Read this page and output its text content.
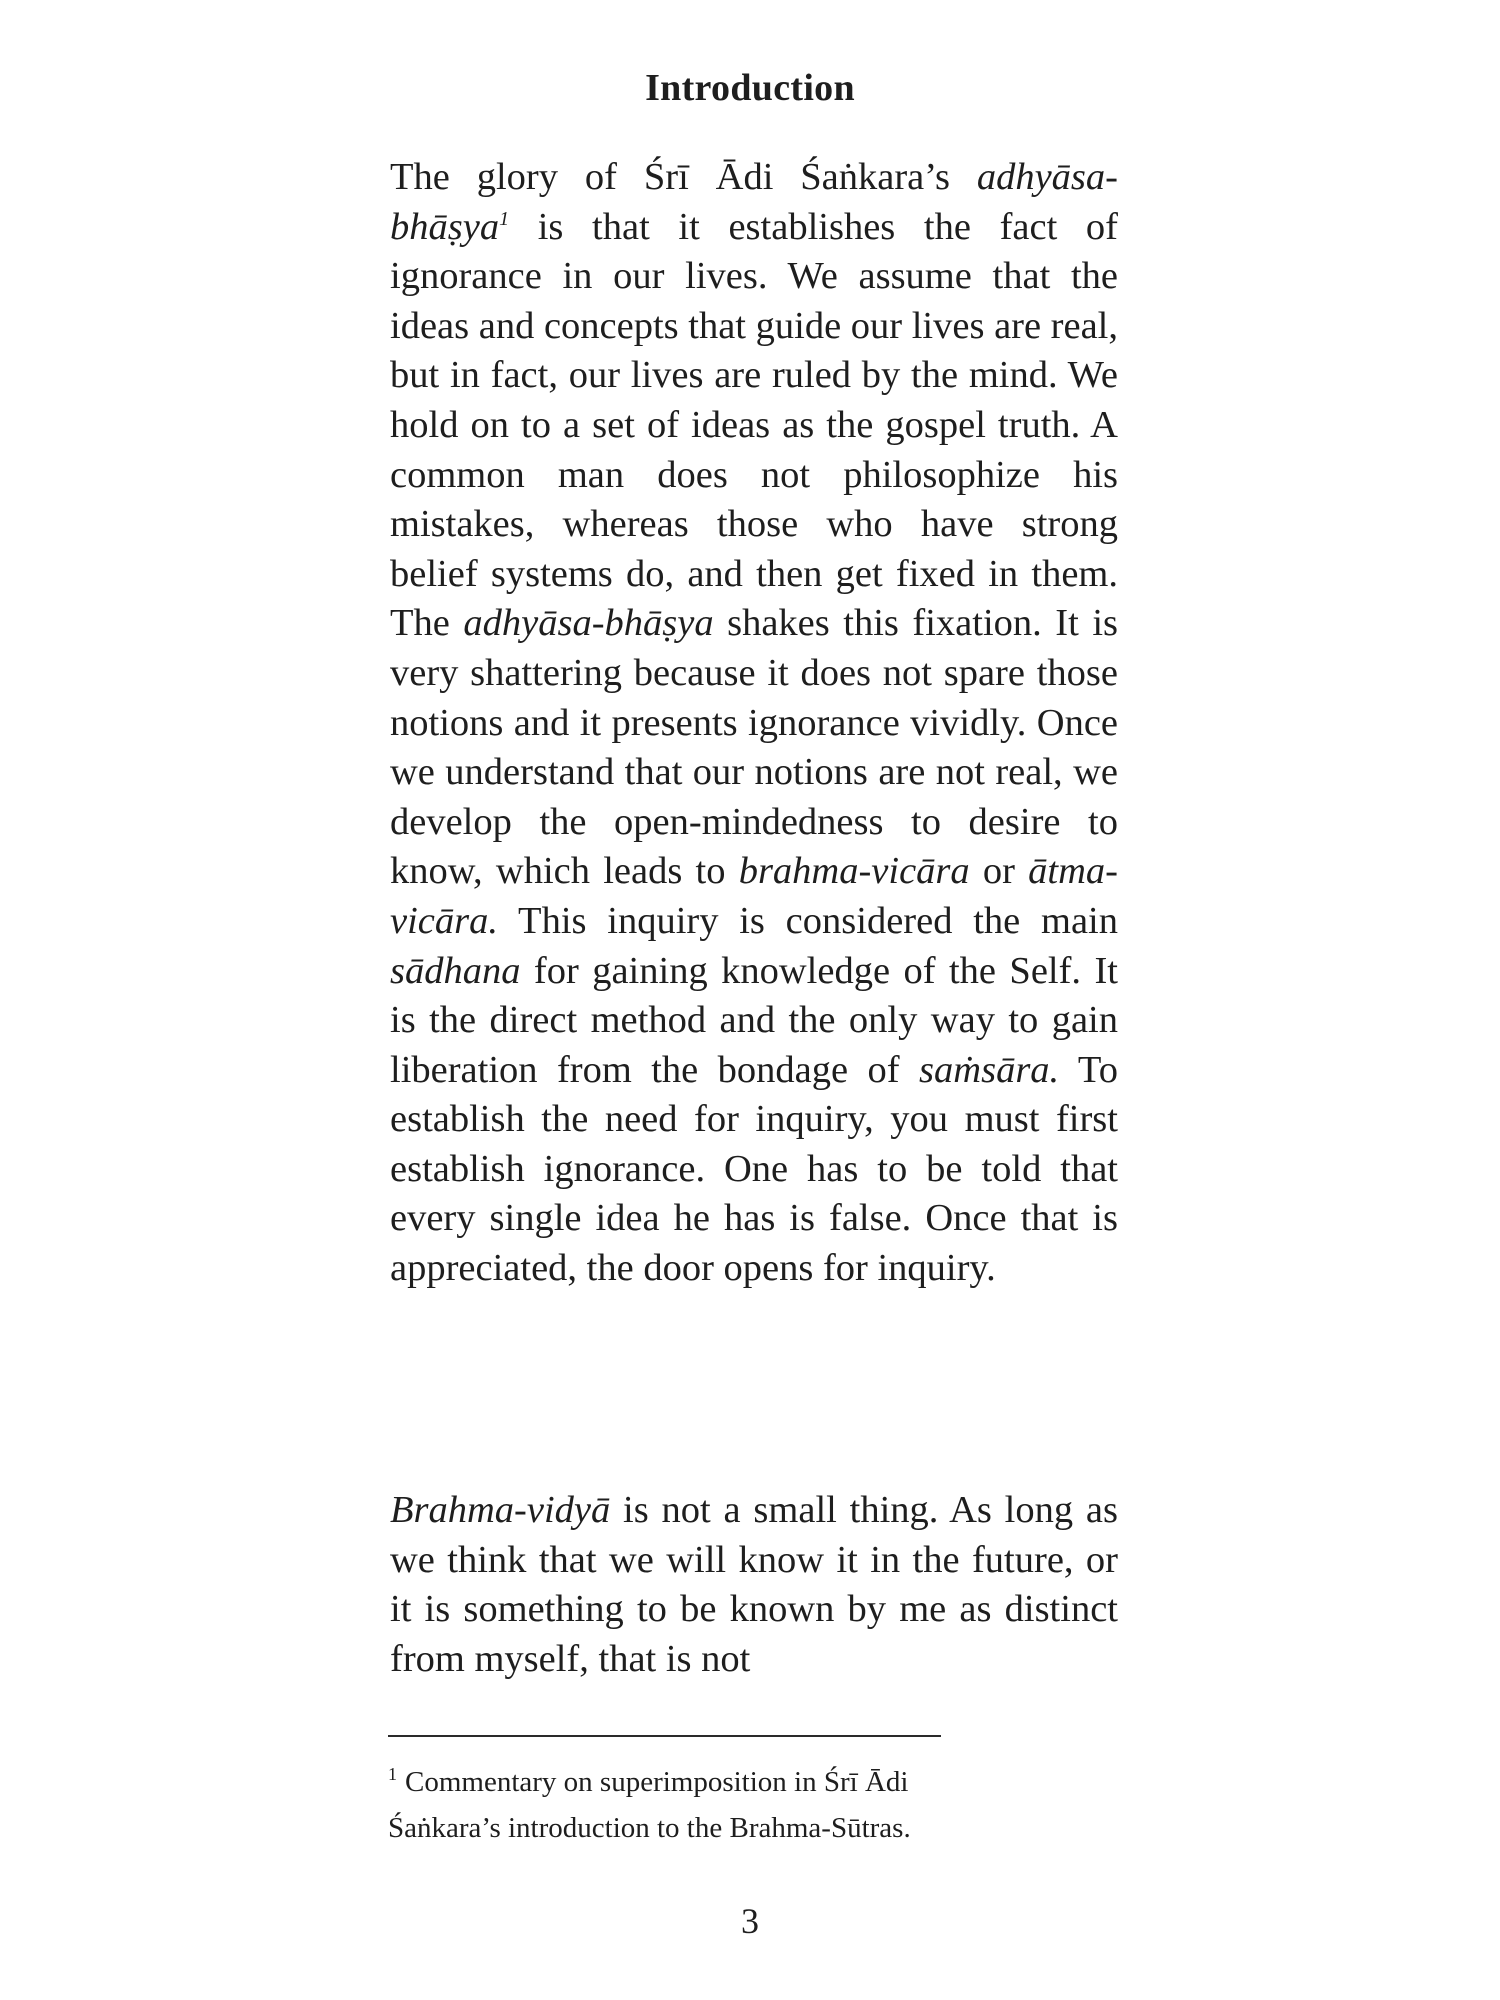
Introduction

The glory of Śrī Ādi Śaṅkara’s adhyāsa-bhāṣya$^1$ is that it establishes the fact of ignorance in our lives. We assume that the ideas and concepts that guide our lives are real, but in fact, our lives are ruled by the mind. We hold on to a set of ideas as the gospel truth. A common man does not philosophize his mistakes, whereas those who have strong belief systems do, and then get fixed in them. The adhyāsa-bhāṣya shakes this fixation. It is very shattering because it does not spare those notions and it presents ignorance vividly. Once we understand that our notions are not real, we develop the open-mindedness to desire to know, which leads to brahma-vicāra or ātma-vicāra. This inquiry is considered the main sādhana for gaining knowledge of the Self. It is the direct method and the only way to gain liberation from the bondage of saṁsāra. To establish the need for inquiry, you must first establish ignorance. One has to be told that every single idea he has is false. Once that is appreciated, the door opens for inquiry.

Brahma-vidyā is not a small thing. As long as we think that we will know it in the future, or it is something to be known by me as distinct from myself, that is not

$^1$ Commentary on superimposition in Śrī Ādi
Śaṅkara’s introduction to the Brahma-Sūtras.
3
